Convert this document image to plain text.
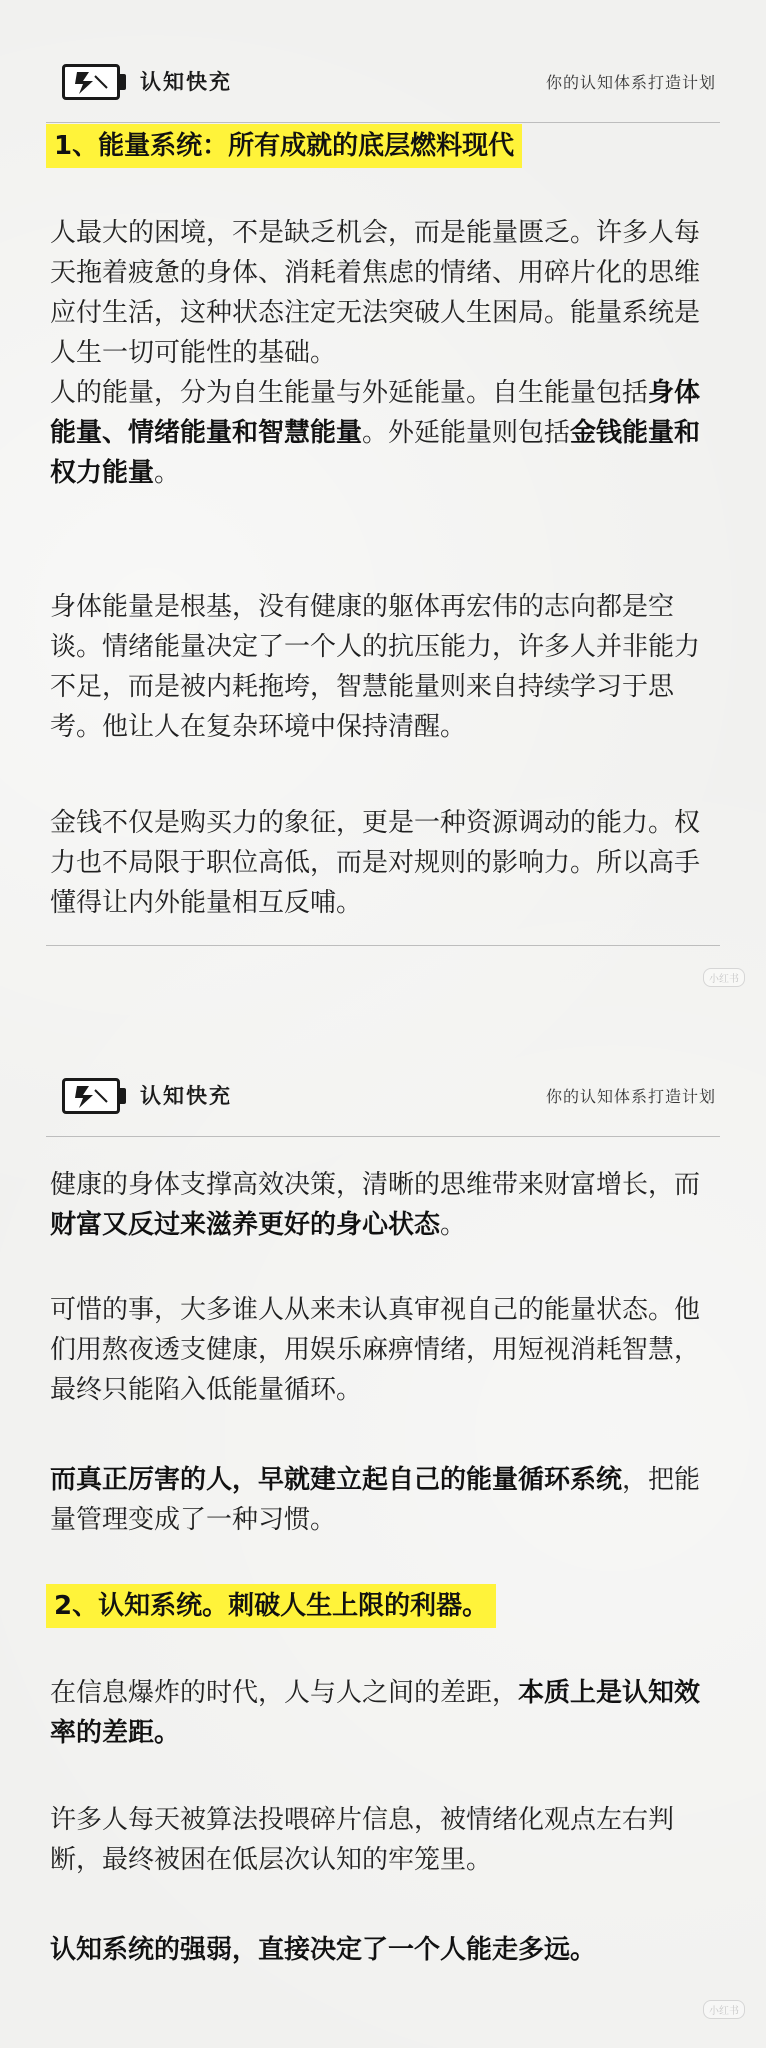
认知快充	你的认知体系打造计划
1、能量系统：所有成就的底层燃料现代

人最大的困境，不是缺乏机会，而是能量匮乏。许多人每天拖着疲惫的身体、消耗着焦虑的情绪、用碎片化的思维应付生活，这种状态注定无法突破人生困局。能量系统是人生一切可能性的基础。

人的能量，分为自生能量与外延能量。自生能量包括身体能量、情绪能量和智慧能量。外延能量则包括金钱能量和权力能量。

身体能量是根基，没有健康的躯体再宏伟的志向都是空谈。情绪能量决定了一个人的抗压能力，许多人并非能力不足，而是被内耗拖垮，智慧能量则来自持续学习于思考。他让人在复杂环境中保持清醒。

金钱不仅是购买力的象征，更是一种资源调动的能力。权力也不局限于职位高低，而是对规则的影响力。所以高手懂得让内外能量相互反哺。

小红书
认知快充	你的认知体系打造计划

健康的身体支撑高效决策，清晰的思维带来财富增长，而财富又反过来滋养更好的身心状态。

可惜的事，大多谁人从来未认真审视自己的能量状态。他们用熬夜透支健康，用娱乐麻痹情绪，用短视消耗智慧，最终只能陷入低能量循环。

而真正厉害的人，早就建立起自己的能量循环系统，把能量管理变成了一种习惯。

2、认知系统。刺破人生上限的利器。

在信息爆炸的时代，人与人之间的差距，本质上是认知效率的差距。

许多人每天被算法投喂碎片信息，被情绪化观点左右判断，最终被困在低层次认知的牢笼里。

认知系统的强弱，直接决定了一个人能走多远。

小红书
